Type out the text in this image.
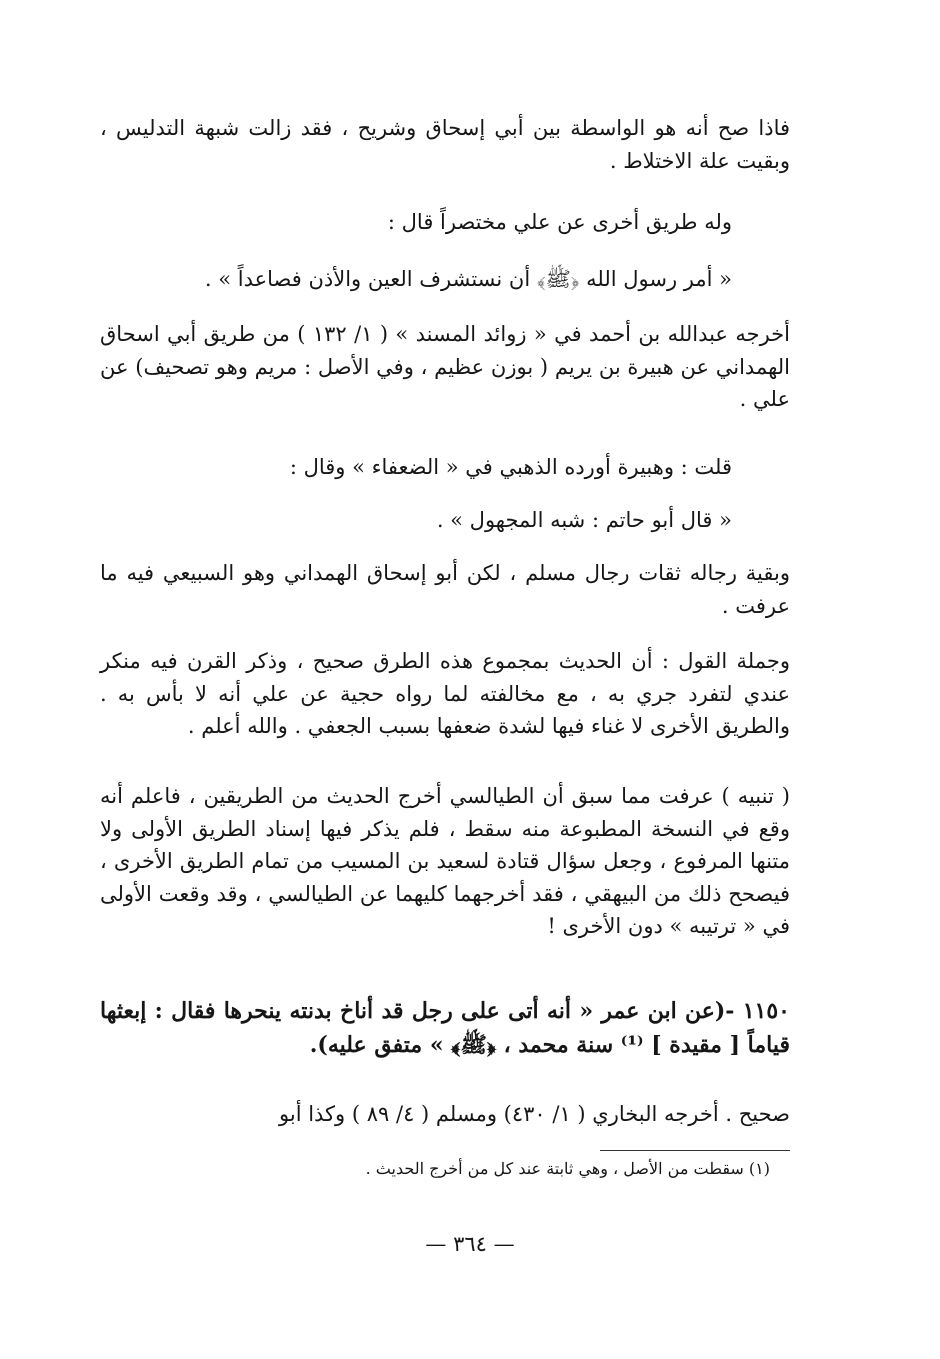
فاذا صح أنه هو الواسطة بين أبي إسحاق وشريح ، فقد زالت شبهة التدليس ، وبقيت علة الاختلاط .

وله طريق أخرى عن علي مختصراً قال :

« أمر رسول الله ﴿ﷺ﴾ أن نستشرف العين والأذن فصاعداً » .

أخرجه عبدالله بن أحمد في « زوائد المسند » ( ١/ ١٣٢ ) من طريق أبي اسحاق الهمداني عن هبيرة بن يريم ( بوزن عظيم ، وفي الأصل : مريم وهو تصحيف) عن علي .

قلت : وهبيرة أورده الذهبي في « الضعفاء » وقال :

« قال أبو حاتم : شبه المجهول » .

وبقية رجاله ثقات رجال مسلم ، لكن أبو إسحاق الهمداني وهو السبيعي فيه ما عرفت .

وجملة القول : أن الحديث بمجموع هذه الطرق صحيح ، وذكر القرن فيه منكر عندي لتفرد جري به ، مع مخالفته لما رواه حجية عن علي أنه لا بأس به . والطريق الأخرى لا غناء فيها لشدة ضعفها بسبب الجعفي . والله أعلم .

( تنبيه ) عرفت مما سبق أن الطيالسي أخرج الحديث من الطريقين ، فاعلم أنه وقع في النسخة المطبوعة منه سقط ، فلم يذكر فيها إسناد الطريق الأولى ولا متنها المرفوع ، وجعل سؤال قتادة لسعيد بن المسيب من تمام الطريق الأخرى ، فيصحح ذلك من البيهقي ، فقد أخرجهما كليهما عن الطيالسي ، وقد وقعت الأولى في « ترتيبه » دون الأخرى !

١١٥٠ -(عن ابن عمر « أنه أتى على رجل قد أناخ بدنته ينحرها فقال : إبعثها قياماً [ مقيدة ] ⁽¹⁾ سنة محمد ، ﴿ﷺ﴾ » متفق عليه).

صحيح . أخرجه البخاري ( ١/ ٤٣٠) ومسلم ( ٤/ ٨٩ ) وكذا أبو

(١) سقطت من الأصل ، وهي ثابتة عند كل من أخرج الحديث .
— ٣٦٤ —
